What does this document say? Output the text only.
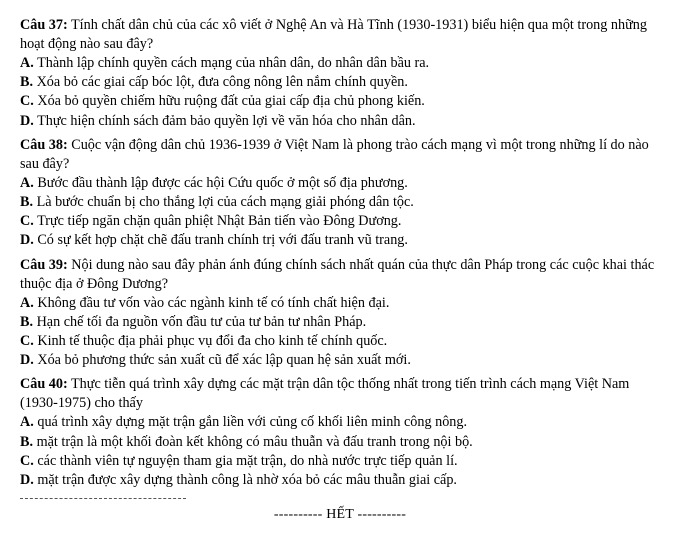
Câu 37: Tính chất dân chủ của các xô viết ở Nghệ An và Hà Tĩnh (1930-1931) biểu hiện qua một trong những hoạt động nào sau đây?

A. Thành lập chính quyền cách mạng của nhân dân, do nhân dân bầu ra.

B. Xóa bỏ các giai cấp bóc lột, đưa công nông lên nắm chính quyền.

C. Xóa bỏ quyền chiếm hữu ruộng đất của giai cấp địa chủ phong kiến.

D. Thực hiện chính sách đảm bảo quyền lợi về văn hóa cho nhân dân.

Câu 38: Cuộc vận động dân chủ 1936-1939 ở Việt Nam là phong trào cách mạng vì một trong những lí do nào sau đây?

A. Bước đầu thành lập được các hội Cứu quốc ở một số địa phương.

B. Là bước chuẩn bị cho thắng lợi của cách mạng giải phóng dân tộc.

C. Trực tiếp ngăn chặn quân phiệt Nhật Bản tiến vào Đông Dương.

D. Có sự kết hợp chặt chẽ đấu tranh chính trị với đấu tranh vũ trang.

Câu 39: Nội dung nào sau đây phản ánh đúng chính sách nhất quán của thực dân Pháp trong các cuộc khai thác thuộc địa ở Đông Dương?

A. Không đầu tư vốn vào các ngành kinh tế có tính chất hiện đại.

B. Hạn chế tối đa nguồn vốn đầu tư của tư bản tư nhân Pháp.

C. Kinh tế thuộc địa phải phục vụ đổi đa cho kinh tế chính quốc.

D. Xóa bỏ phương thức sản xuất cũ để xác lập quan hệ sản xuất mới.

Câu 40: Thực tiễn quá trình xây dựng các mặt trận dân tộc thống nhất trong tiến trình cách mạng Việt Nam (1930-1975) cho thấy

A. quá trình xây dựng mặt trận gắn liền với củng cố khối liên minh công nông.

B. mặt trận là một khối đoàn kết không có mâu thuẫn và đấu tranh trong nội bộ.

C. các thành viên tự nguyện tham gia mặt trận, do nhà nước trực tiếp quản lí.

D. mặt trận được xây dựng thành công là nhờ xóa bỏ các mâu thuẫn giai cấp.

---------- HẾT ----------
